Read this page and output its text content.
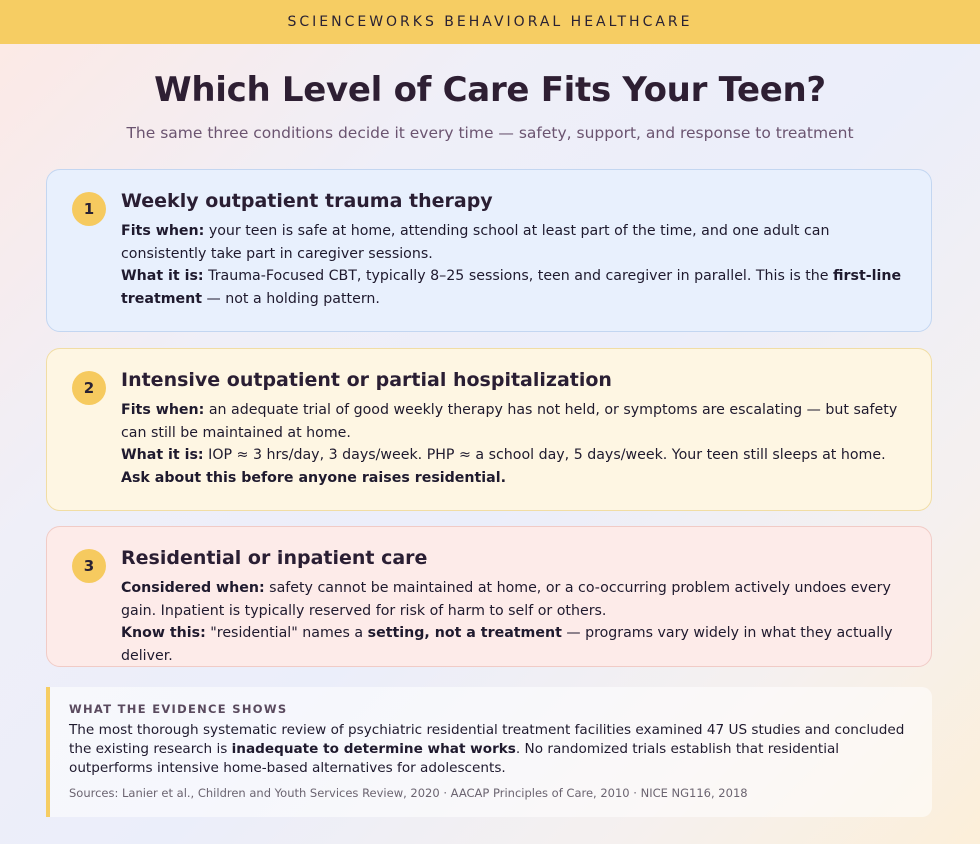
SCIENCEWORKS BEHAVIORAL HEALTHCARE
Which Level of Care Fits Your Teen?

The same three conditions decide it every time — safety, support, and response to treatment

1	Weekly outpatient trauma therapy

Fits when: your teen is safe at home, attending school at least part of the time, and one adult can consistently take part in caregiver sessions.

What it is: Trauma-Focused CBT, typically 8–25 sessions, teen and caregiver in parallel. This is the first-line treatment — not a holding pattern.

2	Intensive outpatient or partial hospitalization

Fits when: an adequate trial of good weekly therapy has not held, or symptoms are escalating — but safety can still be maintained at home.

What it is: IOP ≈ 3 hrs/day, 3 days/week. PHP ≈ a school day, 5 days/week. Your teen still sleeps at home. Ask about this before anyone raises residential.

3	Residential or inpatient care

Considered when: safety cannot be maintained at home, or a co-occurring problem actively undoes every gain. Inpatient is typically reserved for risk of harm to self or others.

Know this: "residential" names a setting, not a treatment — programs vary widely in what they actually deliver.

WHAT THE EVIDENCE SHOWS

The most thorough systematic review of psychiatric residential treatment facilities examined 47 US studies and concluded the existing research is inadequate to determine what works. No randomized trials establish that residential outperforms intensive home-based alternatives for adolescents.

Sources: Lanier et al., Children and Youth Services Review, 2020 · AACAP Principles of Care, 2010 · NICE NG116, 2018
